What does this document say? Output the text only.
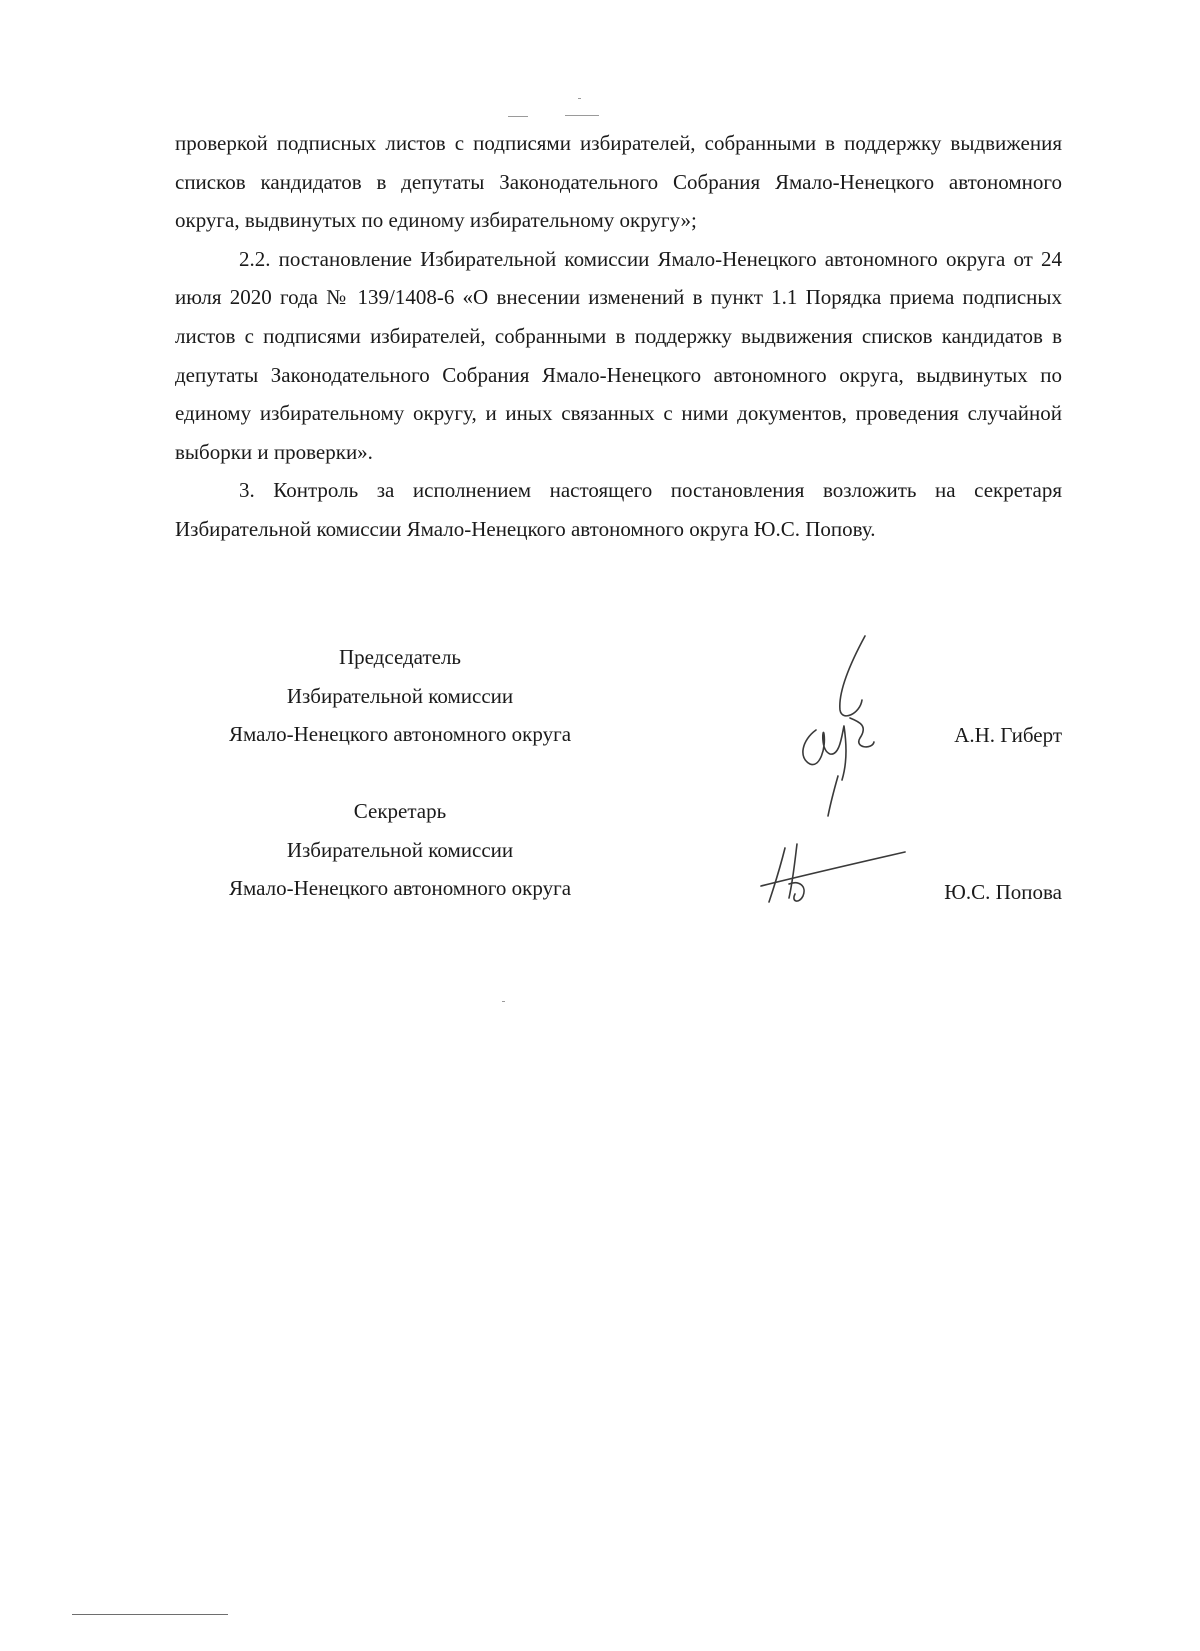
проверкой подписных листов с подписями избирателей, собранными в поддержку выдвижения списков кандидатов в депутаты Законодательного Собрания Ямало-Ненецкого автономного округа, выдвинутых по единому избирательному округу»;

2.2. постановление Избирательной комиссии Ямало-Ненецкого автономного округа от 24 июля 2020 года № 139/1408-6 «О внесении изменений в пункт 1.1 Порядка приема подписных листов с подписями избирателей, собранными в поддержку выдвижения списков кандидатов в депутаты Законодательного Собрания Ямало-Ненецкого автономного округа, выдвинутых по единому избирательному округу, и иных связанных с ними документов, проведения случайной выборки и проверки».

3. Контроль за исполнением настоящего постановления возложить на секретаря Избирательной комиссии Ямало-Ненецкого автономного округа Ю.С. Попову.

Председатель
Избирательной комиссии
Ямало-Ненецкого автономного округа	А.Н. Гиберт
Секретарь
Избирательной комиссии
Ямало-Ненецкого автономного округа	Ю.С. Попова
